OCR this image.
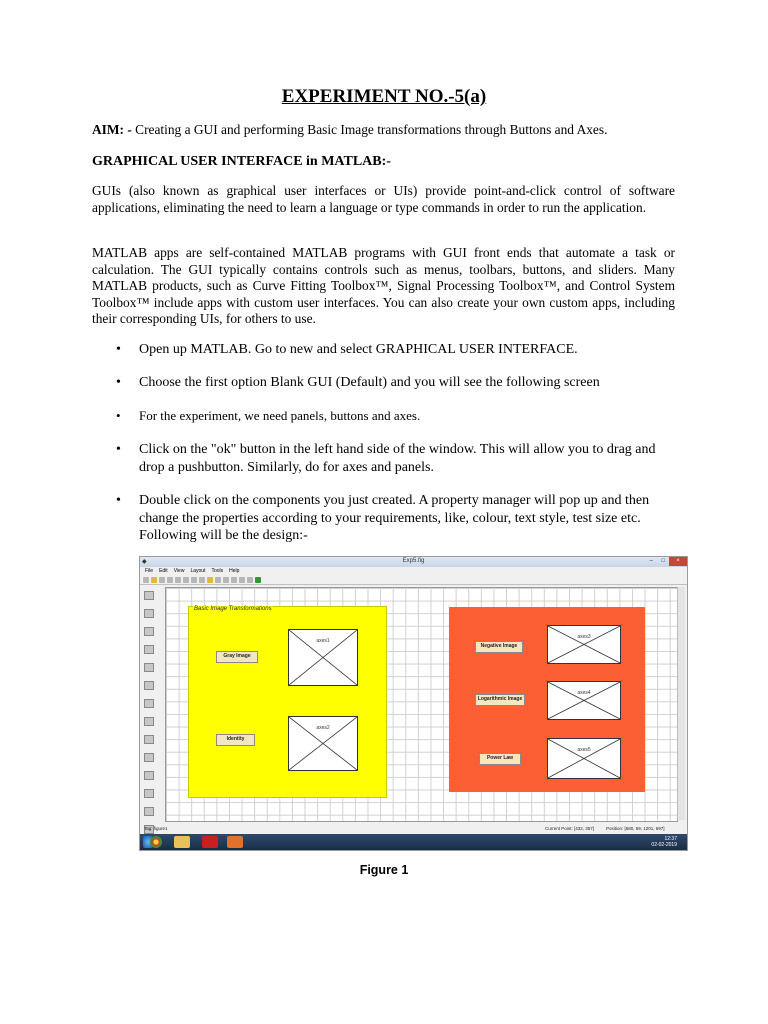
EXPERIMENT NO.-5(a)
AIM: - Creating a GUI and performing Basic Image transformations through Buttons and Axes.
GRAPHICAL USER INTERFACE in MATLAB:-
GUIs (also known as graphical user interfaces or UIs) provide point-and-click control of software applications, eliminating the need to learn a language or type commands in order to run the application.
MATLAB apps are self-contained MATLAB programs with GUI front ends that automate a task or calculation. The GUI typically contains controls such as menus, toolbars, buttons, and sliders. Many MATLAB products, such as Curve Fitting Toolbox™, Signal Processing Toolbox™, and Control System Toolbox™ include apps with custom user interfaces. You can also create your own custom apps, including their corresponding UIs, for others to use.
• Open up MATLAB. Go to new and select GRAPHICAL USER INTERFACE.
• Choose the first option Blank GUI (Default) and you will see the following screen
• For the experiment, we need panels, buttons and axes.
• Click on the "ok" button in the left hand side of the window. This will allow you to drag and drop a pushbutton. Similarly, do for axes and panels.
• Double click on the components you just created. A property manager will pop up and then change the properties according to your requirements, like, colour, text style, test size etc. Following will be the design:-
◆	Exp5.fig	– □	×
File Edit View Layout Tools Help

Basic Image Transformations
Gray Image
Identity
axes1
axes2
Negative Image
Logarithmic Image
Power Law
axes3
axes4
axes5
Tag: figure1	Current Point: [432, 357]	Position: [680, 59, 1201, 697]
12:37
02-02-2019
Figure 1
